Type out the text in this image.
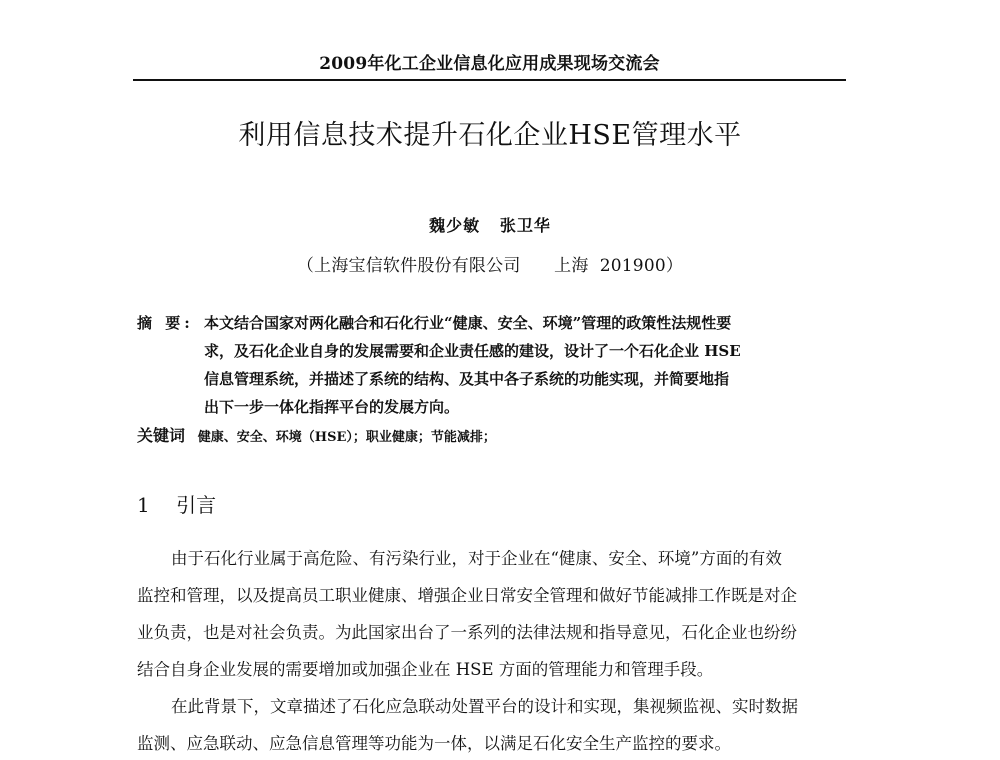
2009年化工企业信息化应用成果现场交流会
利用信息技术提升石化企业HSE管理水平
魏少敏   张卫华
（上海宝信软件股份有限公司      上海  201900）
摘 要: 本文结合国家对两化融合和石化行业“健康、安全、环境”管理的政策性法规性要
求，及石化企业自身的发展需要和企业责任感的建设，设计了一个石化企业 HSE
信息管理系统，并描述了系统的结构、及其中各子系统的功能实现，并简要地指
出下一步一体化指挥平台的发展方向。
关键词 健康、安全、环境（HSE）；职业健康；节能减排；
1 引言
由于石化行业属于高危险、有污染行业，对于企业在“健康、安全、环境”方面的有效
监控和管理，以及提高员工职业健康、增强企业日常安全管理和做好节能减排工作既是对企
业负责，也是对社会负责。为此国家出台了一系列的法律法规和指导意见，石化企业也纷纷
结合自身企业发展的需要增加或加强企业在 HSE 方面的管理能力和管理手段。
在此背景下，文章描述了石化应急联动处置平台的设计和实现，集视频监视、实时数据
监测、应急联动、应急信息管理等功能为一体，以满足石化安全生产监控的要求。
